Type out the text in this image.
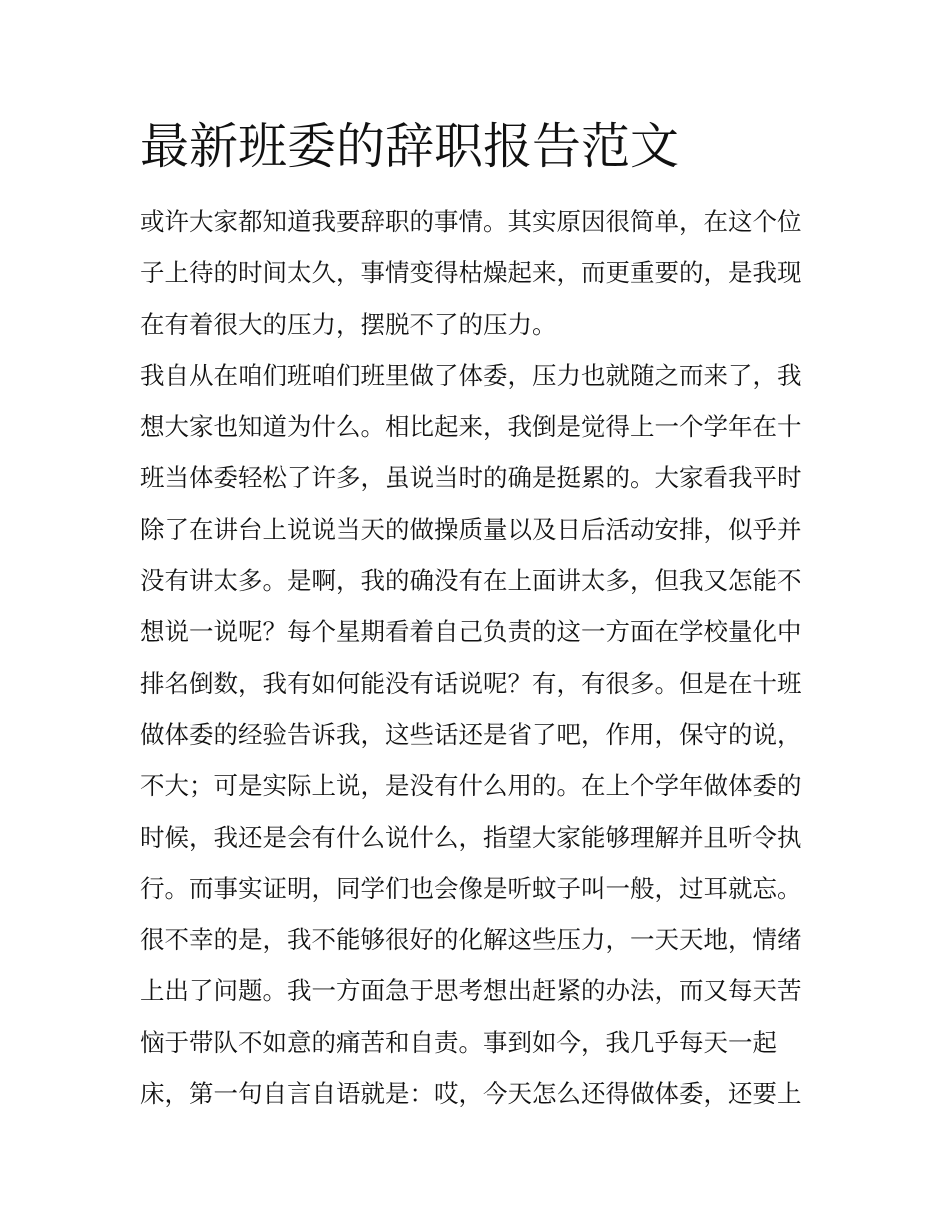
最新班委的辞职报告范文

或许大家都知道我要辞职的事情。其实原因很简单，在这个位

子上待的时间太久，事情变得枯燥起来，而更重要的，是我现

在有着很大的压力，摆脱不了的压力。

我自从在咱们班咱们班里做了体委，压力也就随之而来了，我

想大家也知道为什么。相比起来，我倒是觉得上一个学年在十

班当体委轻松了许多，虽说当时的确是挺累的。大家看我平时

除了在讲台上说说当天的做操质量以及日后活动安排，似乎并

没有讲太多。是啊，我的确没有在上面讲太多，但我又怎能不

想说一说呢？每个星期看着自己负责的这一方面在学校量化中

排名倒数，我有如何能没有话说呢？有，有很多。但是在十班

做体委的经验告诉我，这些话还是省了吧，作用，保守的说，

不大；可是实际上说，是没有什么用的。在上个学年做体委的

时候，我还是会有什么说什么，指望大家能够理解并且听令执

行。而事实证明，同学们也会像是听蚊子叫一般，过耳就忘。

很不幸的是，我不能够很好的化解这些压力，一天天地，情绪

上出了问题。我一方面急于思考想出赶紧的办法，而又每天苦

恼于带队不如意的痛苦和自责。事到如今，我几乎每天一起

床，第一句自言自语就是：哎，今天怎么还得做体委，还要上
